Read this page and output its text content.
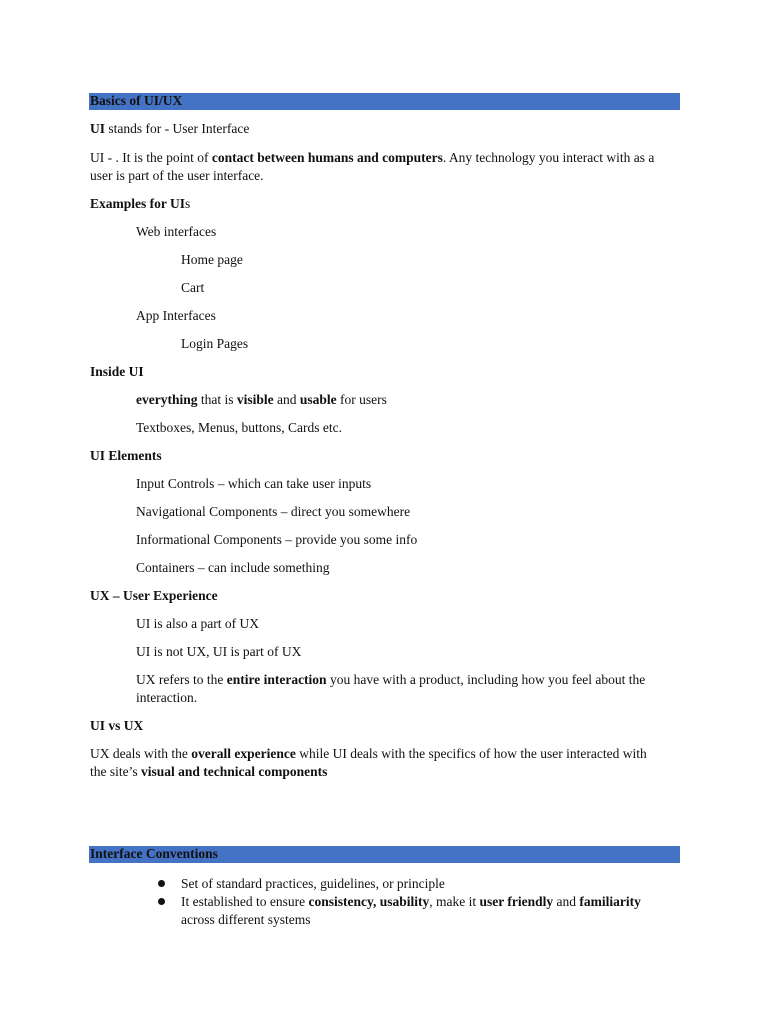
Basics of UI/UX
UI stands for - User Interface
UI - . It is the point of contact between humans and computers. Any technology you interact with as a
user is part of the user interface.
Examples for UIs
Web interfaces
Home page
Cart
App Interfaces
Login Pages
Inside UI
everything that is visible and usable for users
Textboxes, Menus, buttons, Cards etc.
UI Elements
Input Controls – which can take user inputs
Navigational Components – direct you somewhere
Informational Components – provide you some info
Containers – can include something
UX – User Experience
UI is also a part of UX
UI is not UX, UI is part of UX
UX refers to the entire interaction you have with a product, including how you feel about the
interaction.
UI vs UX
UX deals with the overall experience while UI deals with the specifics of how the user interacted with
the site’s visual and technical components
Interface Conventions
Set of standard practices, guidelines, or principle
It established to ensure consistency, usability, make it user friendly and familiarity
across different systems
